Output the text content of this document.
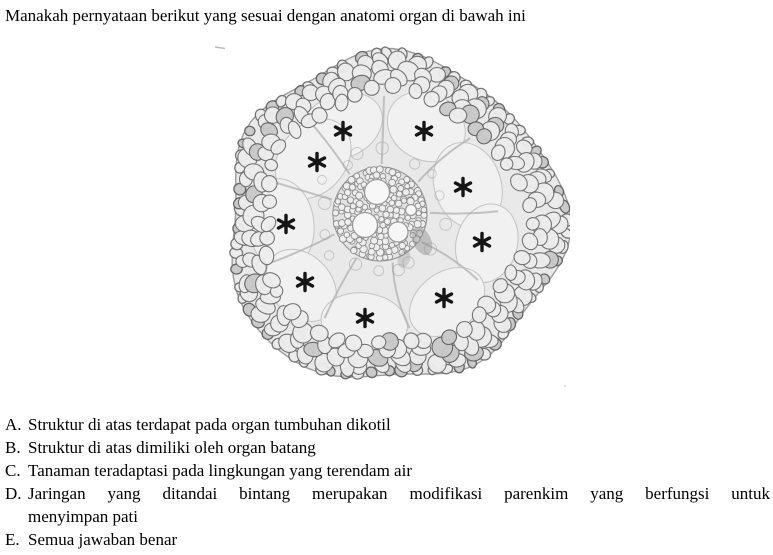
Manakah pernyataan berikut yang sesuai dengan anatomi organ di bawah ini
A. Struktur di atas terdapat pada organ tumbuhan dikotil
B. Struktur di atas dimiliki oleh organ batang
C. Tanaman teradaptasi pada lingkungan yang terendam air
D. Jaringan yang ditandai bintang merupakan modifikasi parenkim yang berfungsi untuk
menyimpan pati
E. Semua jawaban benar
